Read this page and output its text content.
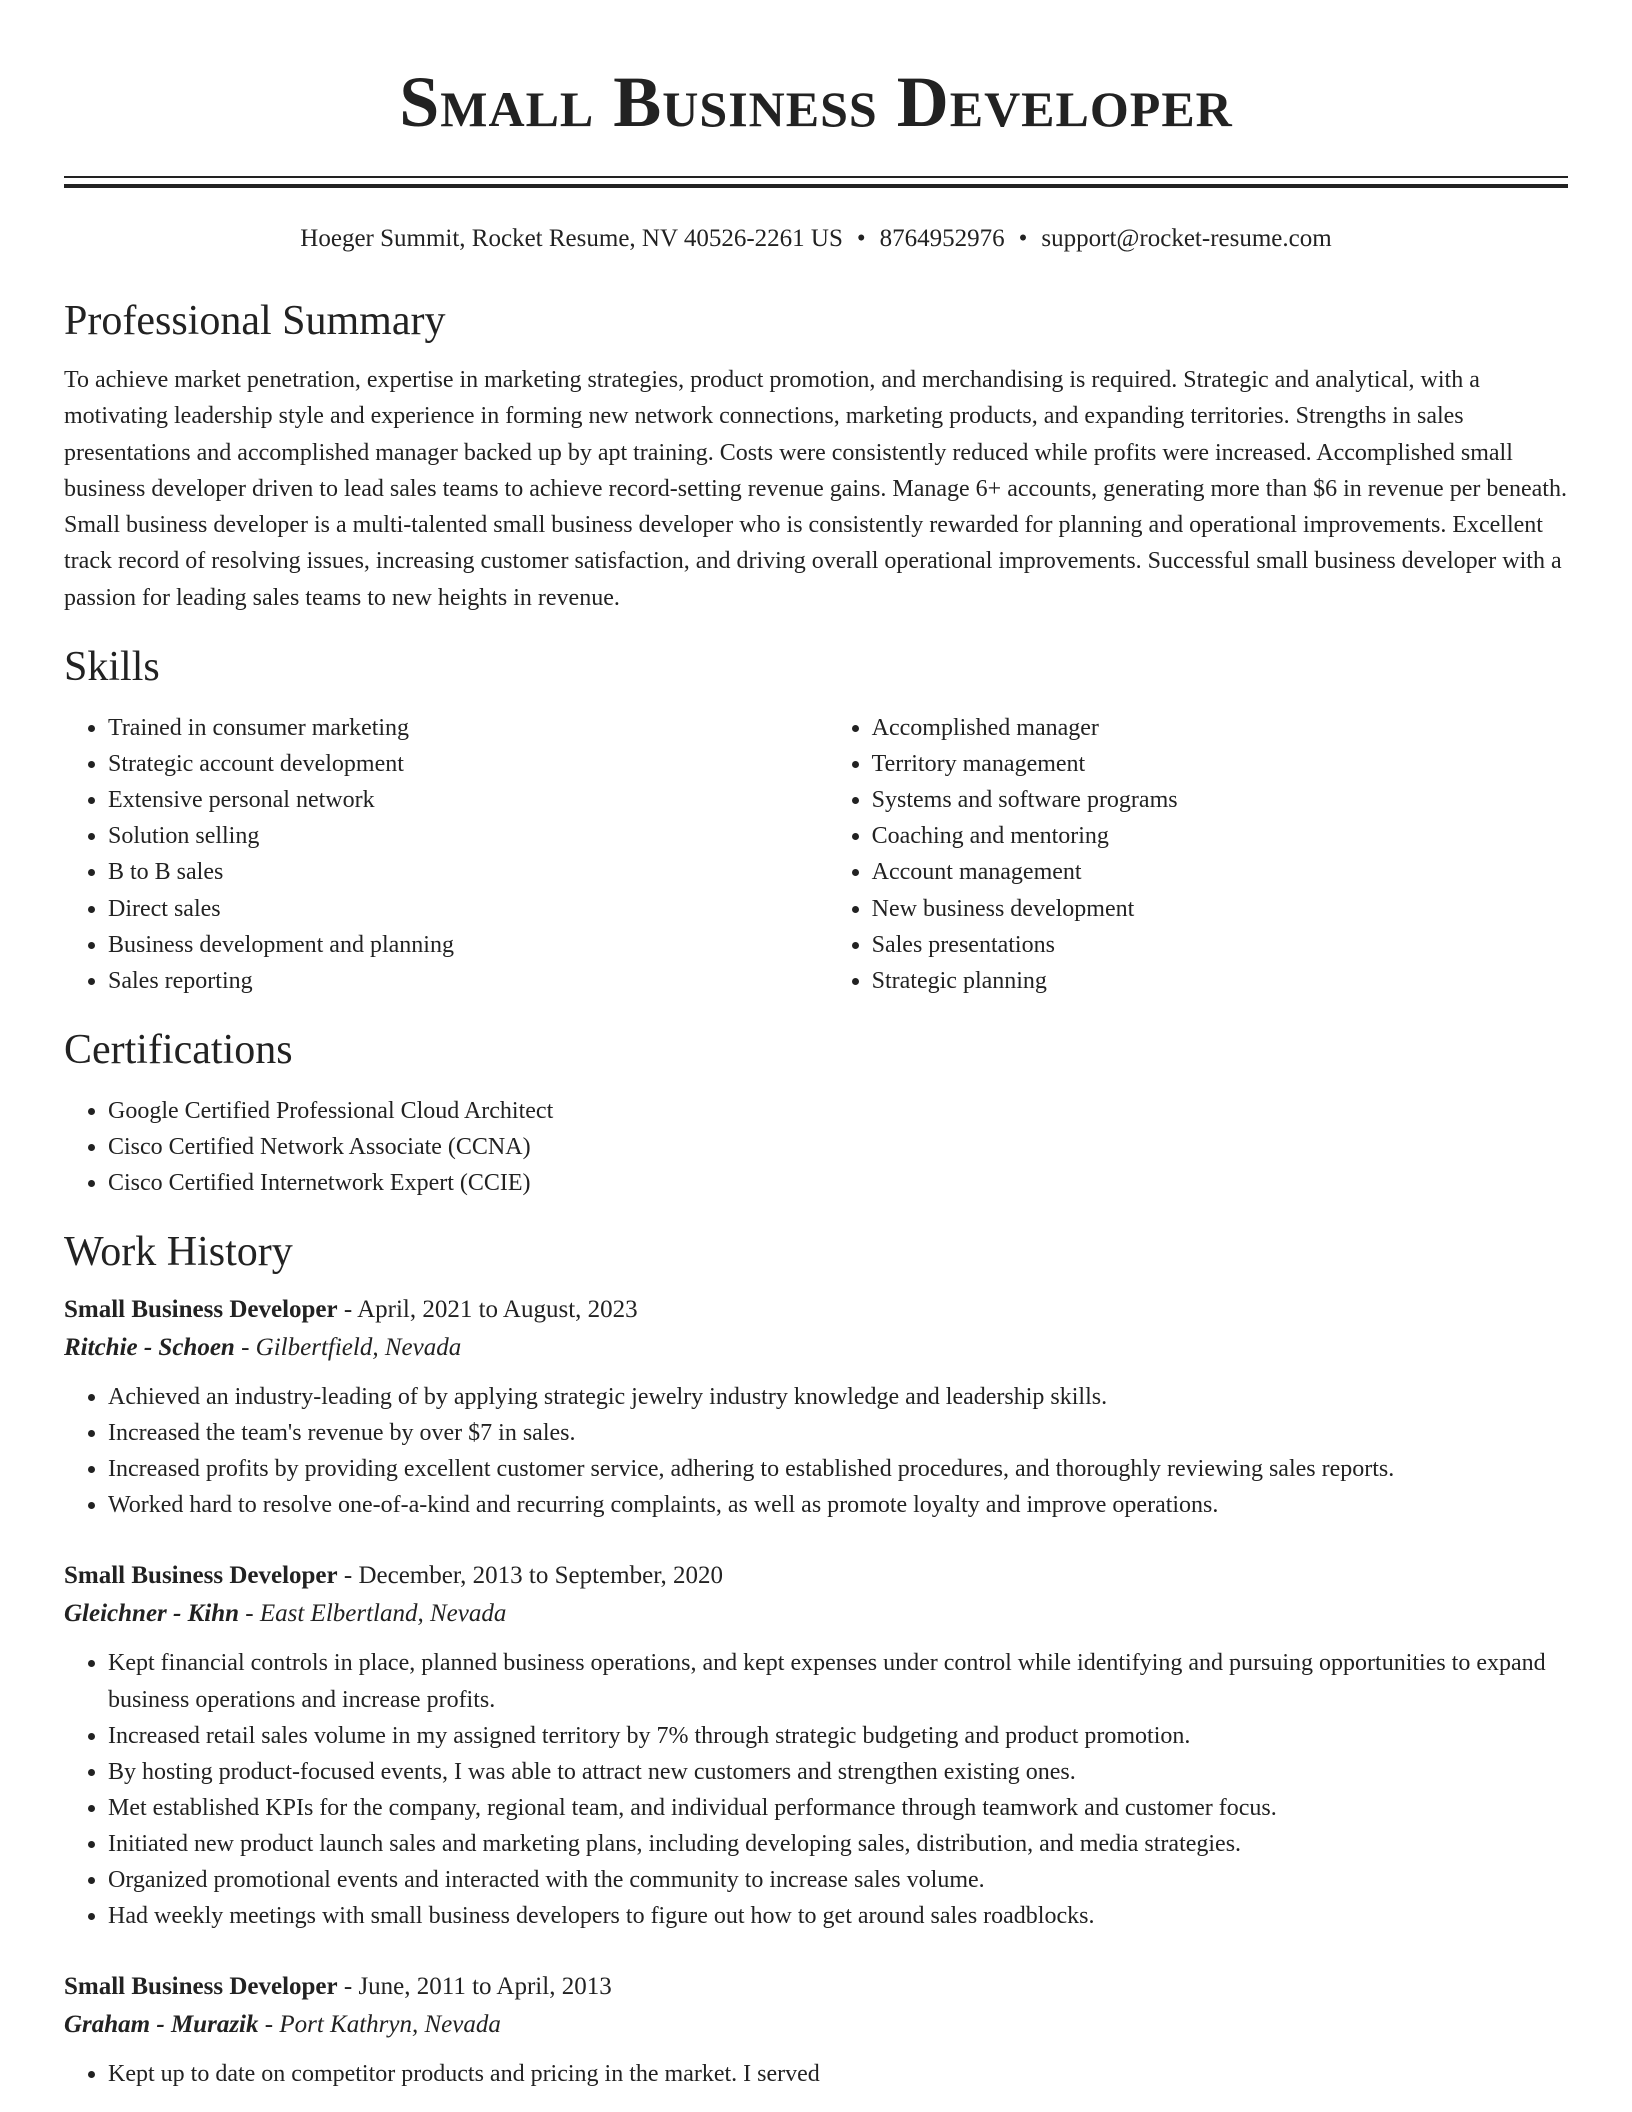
Small Business Developer
Hoeger Summit, Rocket Resume, NV 40526-2261 US • 8764952976 • support@rocket-resume.com
Professional Summary

To achieve market penetration, expertise in marketing strategies, product promotion, and merchandising is required. Strategic and analytical, with a motivating leadership style and experience in forming new network connections, marketing products, and expanding territories. Strengths in sales presentations and accomplished manager backed up by apt training. Costs were consistently reduced while profits were increased. Accomplished small business developer driven to lead sales teams to achieve record-setting revenue gains. Manage 6+ accounts, generating more than $6 in revenue per beneath. Small business developer is a multi-talented small business developer who is consistently rewarded for planning and operational improvements. Excellent track record of resolving issues, increasing customer satisfaction, and driving overall operational improvements. Successful small business developer with a passion for leading sales teams to new heights in revenue.

Skills
• Trained in consumer marketing
• Strategic account development
• Extensive personal network
• Solution selling
• B to B sales
• Direct sales
• Business development and planning
• Sales reporting
• Accomplished manager
• Territory management
• Systems and software programs
• Coaching and mentoring
• Account management
• New business development
• Sales presentations
• Strategic planning
Certifications
• Google Certified Professional Cloud Architect
• Cisco Certified Network Associate (CCNA)
• Cisco Certified Internetwork Expert (CCIE)
Work History
Small Business Developer - April, 2021 to August, 2023
Ritchie - Schoen - Gilbertfield, Nevada
• Achieved an industry-leading of by applying strategic jewelry industry knowledge and leadership skills.
• Increased the team's revenue by over $7 in sales.
• Increased profits by providing excellent customer service, adhering to established procedures, and thoroughly reviewing sales reports.
• Worked hard to resolve one-of-a-kind and recurring complaints, as well as promote loyalty and improve operations.
Small Business Developer - December, 2013 to September, 2020
Gleichner - Kihn - East Elbertland, Nevada
• Kept financial controls in place, planned business operations, and kept expenses under control while identifying and pursuing opportunities to expand business operations and increase profits.
• Increased retail sales volume in my assigned territory by 7% through strategic budgeting and product promotion.
• By hosting product-focused events, I was able to attract new customers and strengthen existing ones.
• Met established KPIs for the company, regional team, and individual performance through teamwork and customer focus.
• Initiated new product launch sales and marketing plans, including developing sales, distribution, and media strategies.
• Organized promotional events and interacted with the community to increase sales volume.
• Had weekly meetings with small business developers to figure out how to get around sales roadblocks.
Small Business Developer - June, 2011 to April, 2013
Graham - Murazik - Port Kathryn, Nevada
• Kept up to date on competitor products and pricing in the market. I served
